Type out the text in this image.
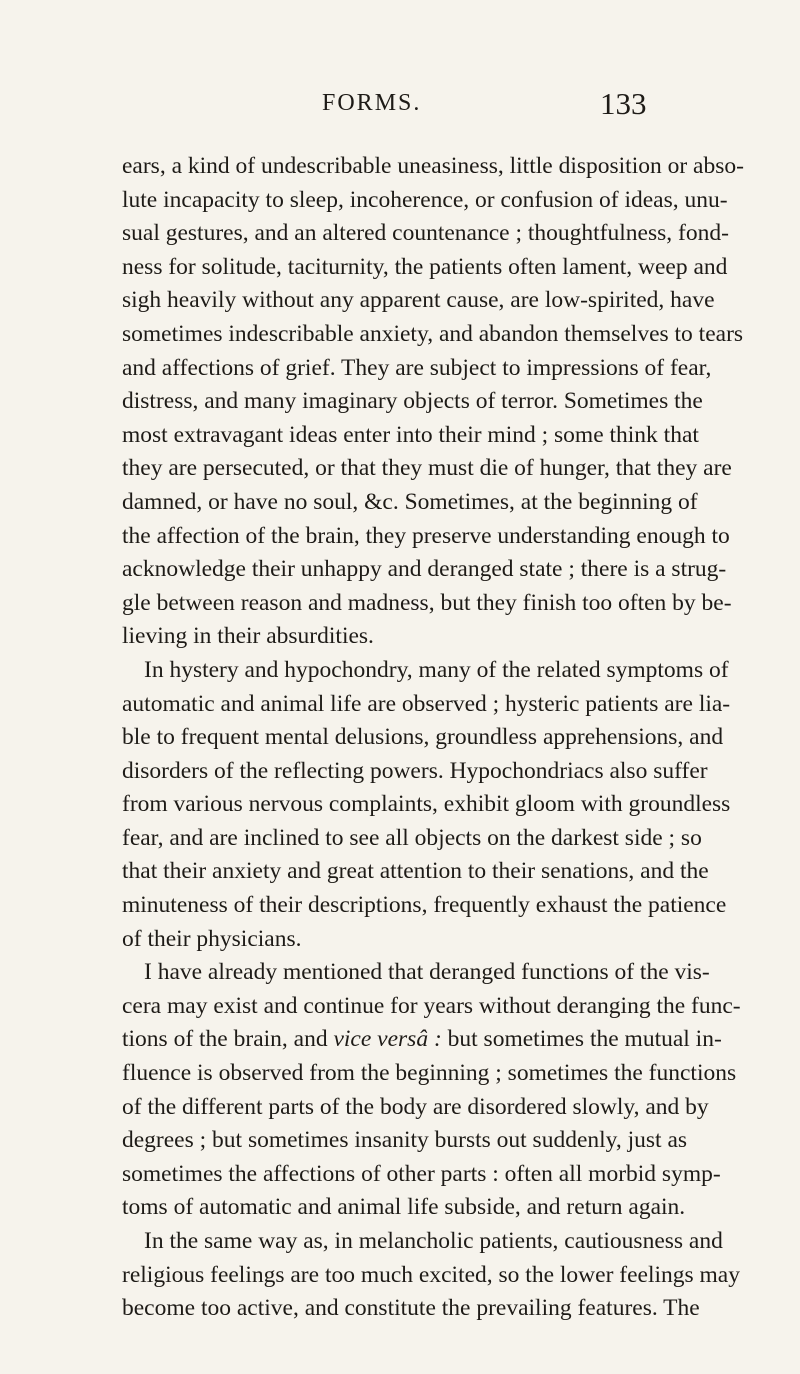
FORMS.	133
ears, a kind of undescribable uneasiness, little disposition or abso-
lute incapacity to sleep, incoherence, or confusion of ideas, unu-
sual gestures, and an altered countenance ; thoughtfulness, fond-
ness for solitude, taciturnity, the patients often lament, weep and
sigh heavily without any apparent cause, are low-spirited, have
sometimes indescribable anxiety, and abandon themselves to tears
and affections of grief. They are subject to impressions of fear,
distress, and many imaginary objects of terror. Sometimes the
most extravagant ideas enter into their mind ; some think that
they are persecuted, or that they must die of hunger, that they are
damned, or have no soul, &c. Sometimes, at the beginning of
the affection of the brain, they preserve understanding enough to
acknowledge their unhappy and deranged state ; there is a strug-
gle between reason and madness, but they finish too often by be-
lieving in their absurdities.
In hystery and hypochondry, many of the related symptoms of
automatic and animal life are observed ; hysteric patients are lia-
ble to frequent mental delusions, groundless apprehensions, and
disorders of the reflecting powers. Hypochondriacs also suffer
from various nervous complaints, exhibit gloom with groundless
fear, and are inclined to see all objects on the darkest side ; so
that their anxiety and great attention to their senations, and the
minuteness of their descriptions, frequently exhaust the patience
of their physicians.
I have already mentioned that deranged functions of the vis-
cera may exist and continue for years without deranging the func-
tions of the brain, and vice versâ : but sometimes the mutual in-
fluence is observed from the beginning ; sometimes the functions
of the different parts of the body are disordered slowly, and by
degrees ; but sometimes insanity bursts out suddenly, just as
sometimes the affections of other parts : often all morbid symp-
toms of automatic and animal life subside, and return again.
In the same way as, in melancholic patients, cautiousness and
religious feelings are too much excited, so the lower feelings may
become too active, and constitute the prevailing features. The
